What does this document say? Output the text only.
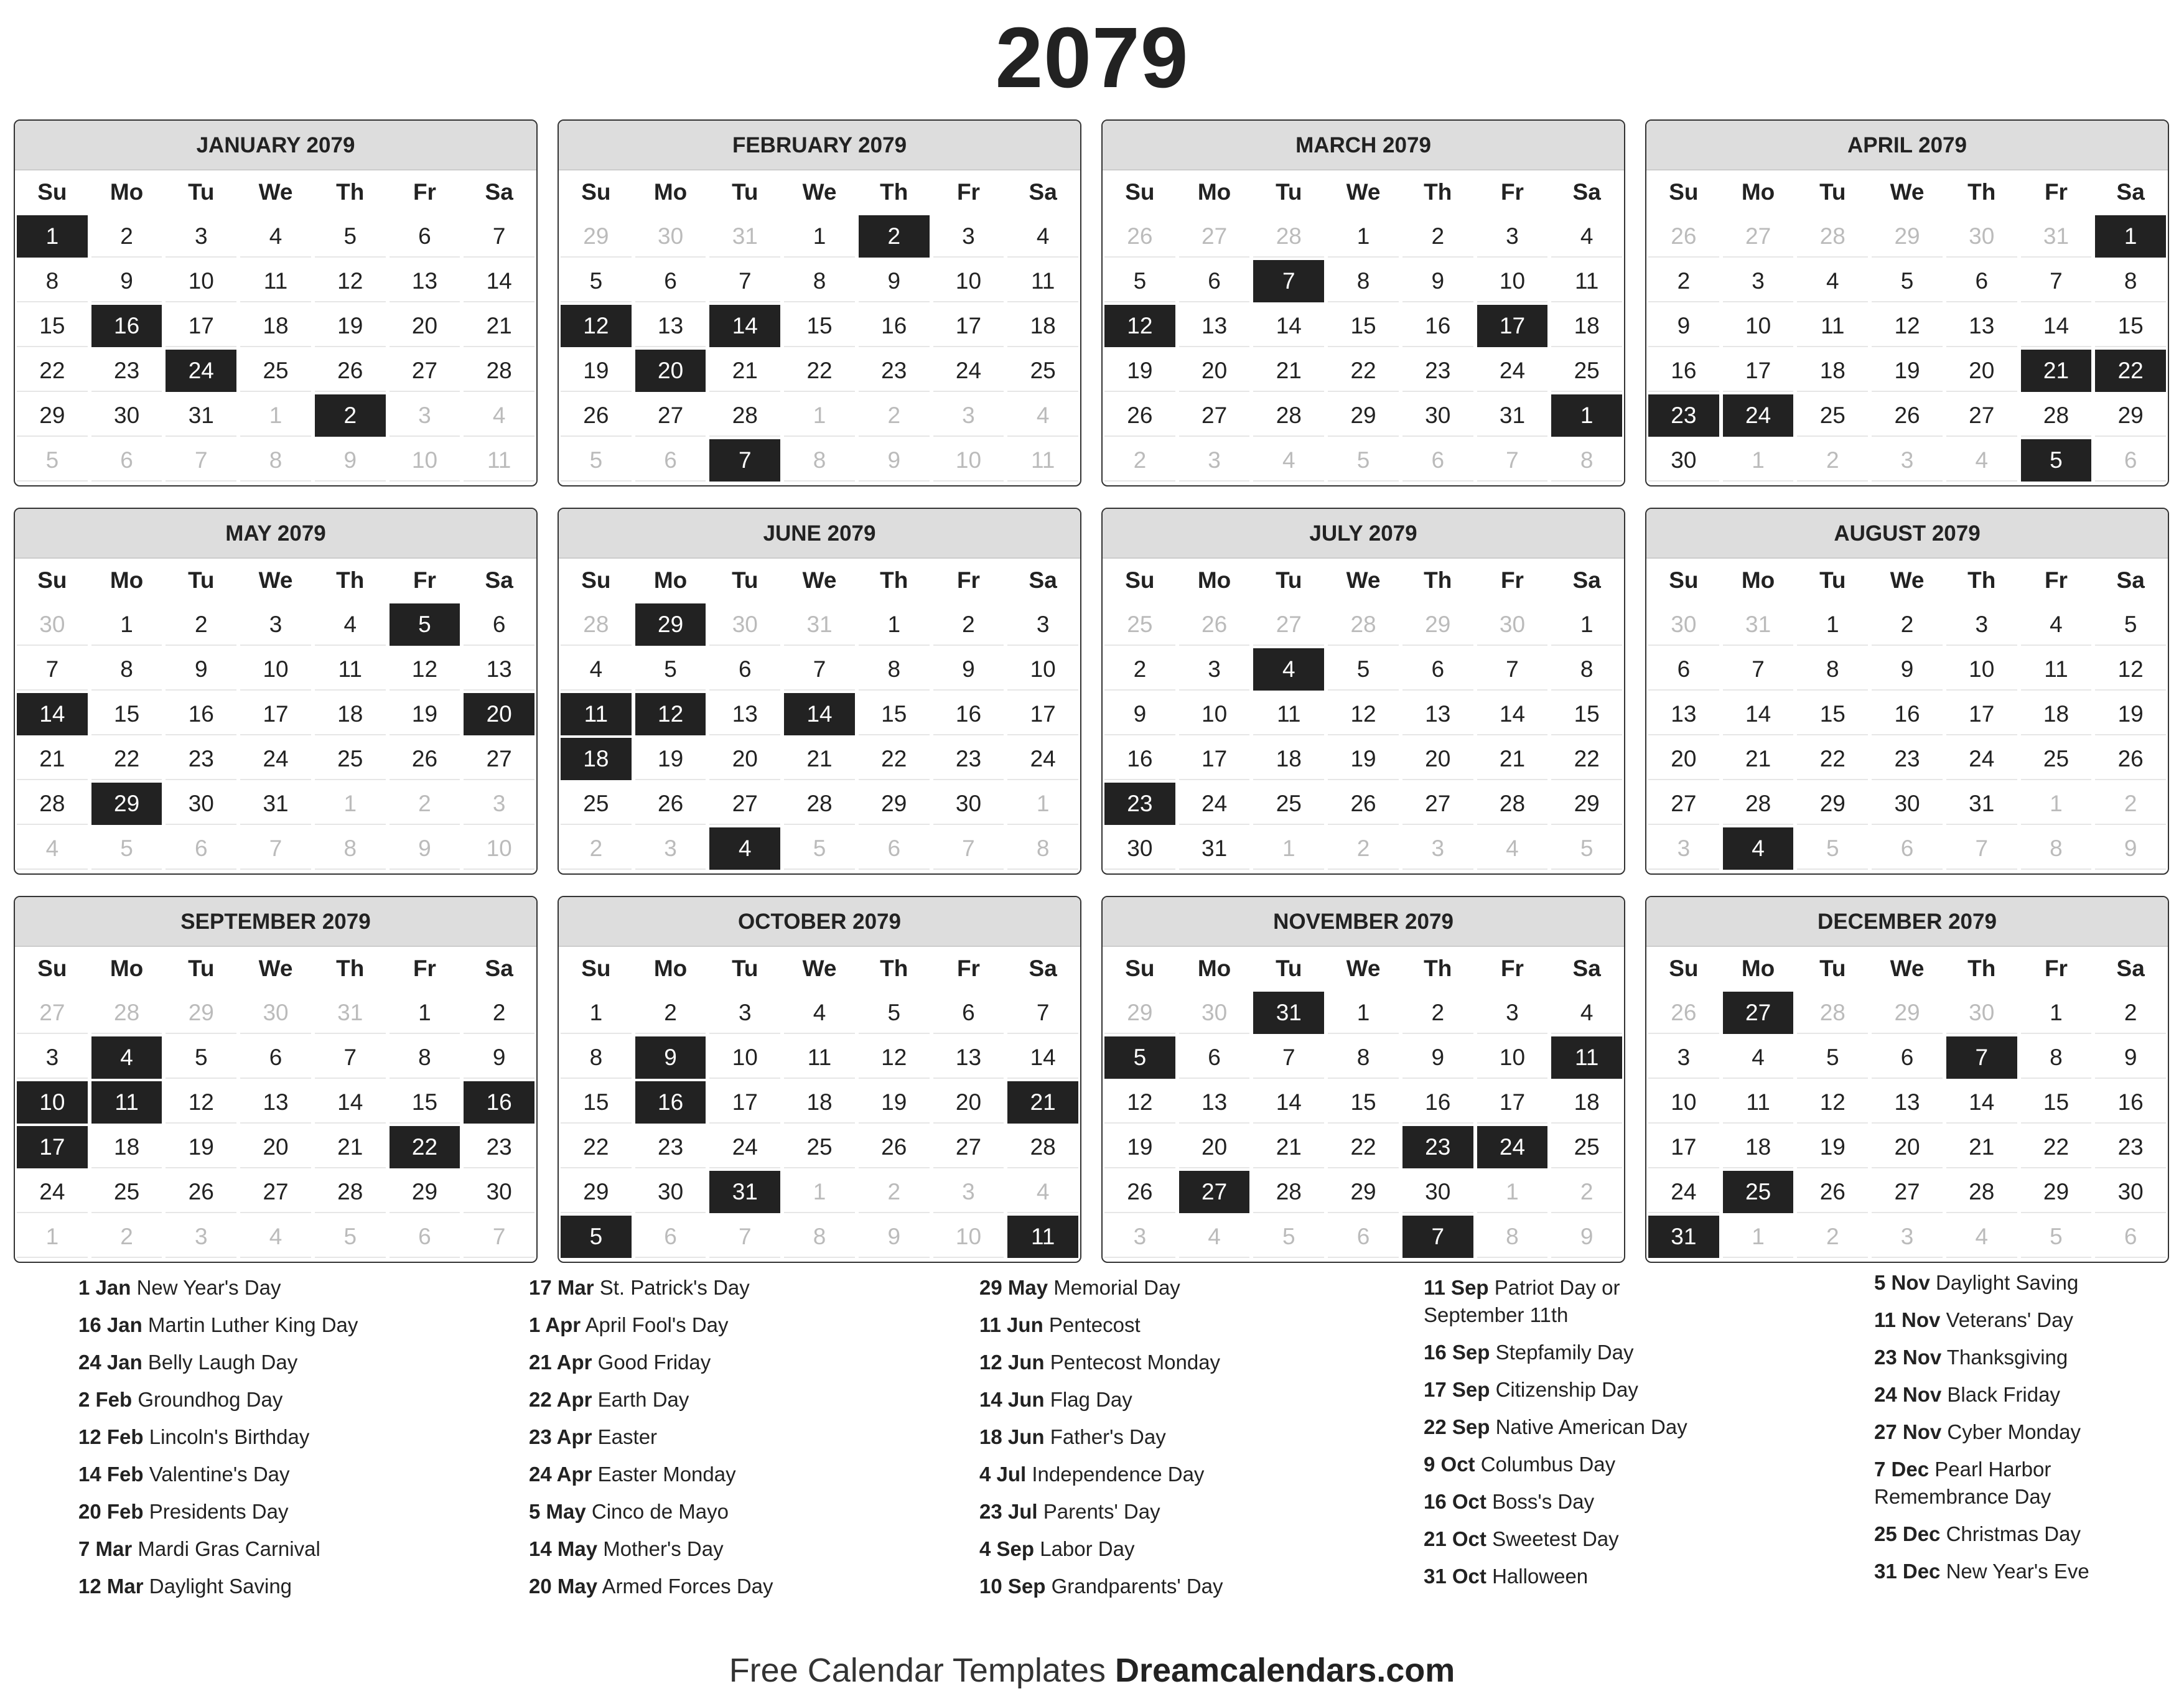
2079
JANUARY 2079
Su	Mo	Tu	We	Th	Fr	Sa
1	2	3	4	5	6	7
8	9	10	11	12	13	14
15	16	17	18	19	20	21
22	23	24	25	26	27	28
29	30	31	1	2	3	4
5	6	7	8	9	10	11
FEBRUARY 2079
Su	Mo	Tu	We	Th	Fr	Sa
29	30	31	1	2	3	4
5	6	7	8	9	10	11
12	13	14	15	16	17	18
19	20	21	22	23	24	25
26	27	28	1	2	3	4
5	6	7	8	9	10	11
MARCH 2079
Su	Mo	Tu	We	Th	Fr	Sa
26	27	28	1	2	3	4
5	6	7	8	9	10	11
12	13	14	15	16	17	18
19	20	21	22	23	24	25
26	27	28	29	30	31	1
2	3	4	5	6	7	8
APRIL 2079
Su	Mo	Tu	We	Th	Fr	Sa
26	27	28	29	30	31	1
2	3	4	5	6	7	8
9	10	11	12	13	14	15
16	17	18	19	20	21	22
23	24	25	26	27	28	29
30	1	2	3	4	5	6
MAY 2079
Su	Mo	Tu	We	Th	Fr	Sa
30	1	2	3	4	5	6
7	8	9	10	11	12	13
14	15	16	17	18	19	20
21	22	23	24	25	26	27
28	29	30	31	1	2	3
4	5	6	7	8	9	10
JUNE 2079
Su	Mo	Tu	We	Th	Fr	Sa
28	29	30	31	1	2	3
4	5	6	7	8	9	10
11	12	13	14	15	16	17
18	19	20	21	22	23	24
25	26	27	28	29	30	1
2	3	4	5	6	7	8
JULY 2079
Su	Mo	Tu	We	Th	Fr	Sa
25	26	27	28	29	30	1
2	3	4	5	6	7	8
9	10	11	12	13	14	15
16	17	18	19	20	21	22
23	24	25	26	27	28	29
30	31	1	2	3	4	5
AUGUST 2079
Su	Mo	Tu	We	Th	Fr	Sa
30	31	1	2	3	4	5
6	7	8	9	10	11	12
13	14	15	16	17	18	19
20	21	22	23	24	25	26
27	28	29	30	31	1	2
3	4	5	6	7	8	9
SEPTEMBER 2079
Su	Mo	Tu	We	Th	Fr	Sa
27	28	29	30	31	1	2
3	4	5	6	7	8	9
10	11	12	13	14	15	16
17	18	19	20	21	22	23
24	25	26	27	28	29	30
1	2	3	4	5	6	7
OCTOBER 2079
Su	Mo	Tu	We	Th	Fr	Sa
1	2	3	4	5	6	7
8	9	10	11	12	13	14
15	16	17	18	19	20	21
22	23	24	25	26	27	28
29	30	31	1	2	3	4
5	6	7	8	9	10	11
NOVEMBER 2079
Su	Mo	Tu	We	Th	Fr	Sa
29	30	31	1	2	3	4
5	6	7	8	9	10	11
12	13	14	15	16	17	18
19	20	21	22	23	24	25
26	27	28	29	30	1	2
3	4	5	6	7	8	9
DECEMBER 2079
Su	Mo	Tu	We	Th	Fr	Sa
26	27	28	29	30	1	2
3	4	5	6	7	8	9
10	11	12	13	14	15	16
17	18	19	20	21	22	23
24	25	26	27	28	29	30
31	1	2	3	4	5	6
1 Jan New Year's Day
16 Jan Martin Luther King Day
24 Jan Belly Laugh Day
2 Feb Groundhog Day
12 Feb Lincoln's Birthday
14 Feb Valentine's Day
20 Feb Presidents Day
7 Mar Mardi Gras Carnival
12 Mar Daylight Saving
17 Mar St. Patrick's Day
1 Apr April Fool's Day
21 Apr Good Friday
22 Apr Earth Day
23 Apr Easter
24 Apr Easter Monday
5 May Cinco de Mayo
14 May Mother's Day
20 May Armed Forces Day
29 May Memorial Day
11 Jun Pentecost
12 Jun Pentecost Monday
14 Jun Flag Day
18 Jun Father's Day
4 Jul Independence Day
23 Jul Parents' Day
4 Sep Labor Day
10 Sep Grandparents' Day
11 Sep Patriot Day or September 11th
16 Sep Stepfamily Day
17 Sep Citizenship Day
22 Sep Native American Day
9 Oct Columbus Day
16 Oct Boss's Day
21 Oct Sweetest Day
31 Oct Halloween
5 Nov Daylight Saving
11 Nov Veterans' Day
23 Nov Thanksgiving
24 Nov Black Friday
27 Nov Cyber Monday
7 Dec Pearl Harbor Remembrance Day
25 Dec Christmas Day
31 Dec New Year's Eve
Free Calendar Templates Dreamcalendars.com
